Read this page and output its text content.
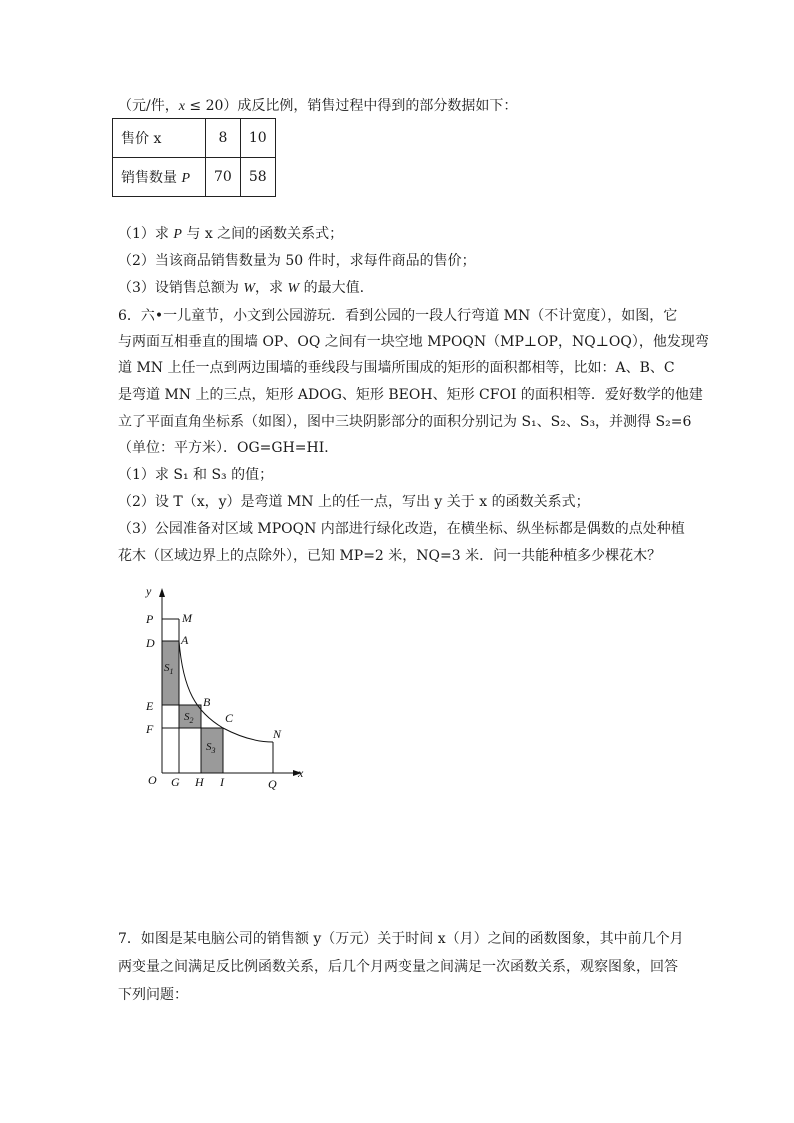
（元/件，x ≤ 20）成反比例，销售过程中得到的部分数据如下：
售价 x	8	10
销售数量 P	70	58
（1）求 P 与 x 之间的函数关系式；
（2）当该商品销售数量为 50 件时，求每件商品的售价；
（3）设销售总额为 W，求 W 的最大值.
6．六•一儿童节，小文到公园游玩．看到公园的一段人行弯道 MN（不计宽度），如图，它
与两面互相垂直的围墙 OP、OQ 之间有一块空地 MPOQN（MP⊥OP，NQ⊥OQ），他发现弯
道 MN 上任一点到两边围墙的垂线段与围墙所围成的矩形的面积都相等，比如：A、B、C
是弯道 MN 上的三点，矩形 ADOG、矩形 BEOH、矩形 CFOI 的面积相等．爱好数学的他建
立了平面直角坐标系（如图），图中三块阴影部分的面积分别记为 S₁、S₂、S₃，并测得 S₂=6
（单位：平方米）．OG=GH=HI．
（1）求 S₁ 和 S₃ 的值；
（2）设 T（x，y）是弯道 MN 上的任一点，写出 y 关于 x 的函数关系式；
（3）公园准备对区域 MPOQN 内部进行绿化改造，在横坐标、纵坐标都是偶数的点处种植
花木（区域边界上的点除外），已知 MP=2 米，NQ=3 米．问一共能种植多少棵花木？
y
x
P M
D A
E	B
F
C
N
O G H I	Q
$S_1$
$S_2$
$S_3$
7．如图是某电脑公司的销售额 y（万元）关于时间 x（月）之间的函数图象，其中前几个月
两变量之间满足反比例函数关系，后几个月两变量之间满足一次函数关系，观察图象，回答
下列问题：
